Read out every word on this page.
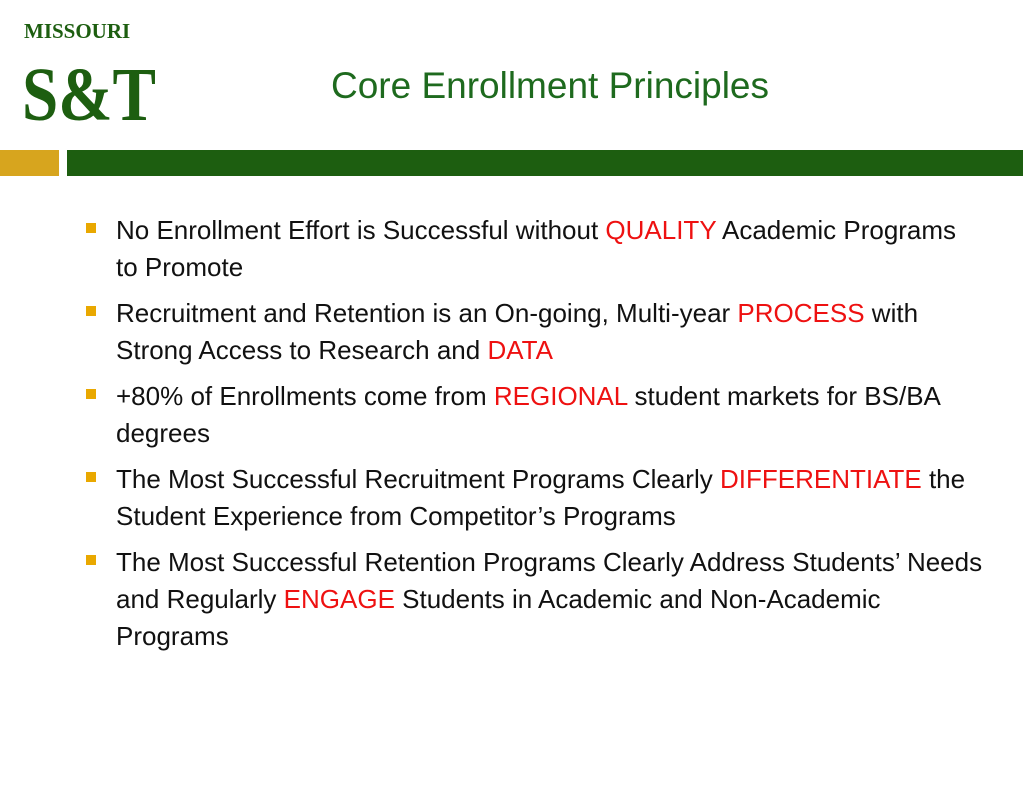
MISSOURI
S&T	Core Enrollment Principles
No Enrollment Effort is Successful without QUALITY Academic Programs to Promote
Recruitment and Retention is an On-going, Multi-year PROCESS with Strong Access to Research and DATA
+80% of Enrollments come from REGIONAL student markets for BS/BA degrees
The Most Successful Recruitment Programs Clearly DIFFERENTIATE the Student Experience from Competitor’s Programs
The Most Successful Retention Programs Clearly Address Students’ Needs and Regularly ENGAGE Students in Academic and Non-Academic Programs
